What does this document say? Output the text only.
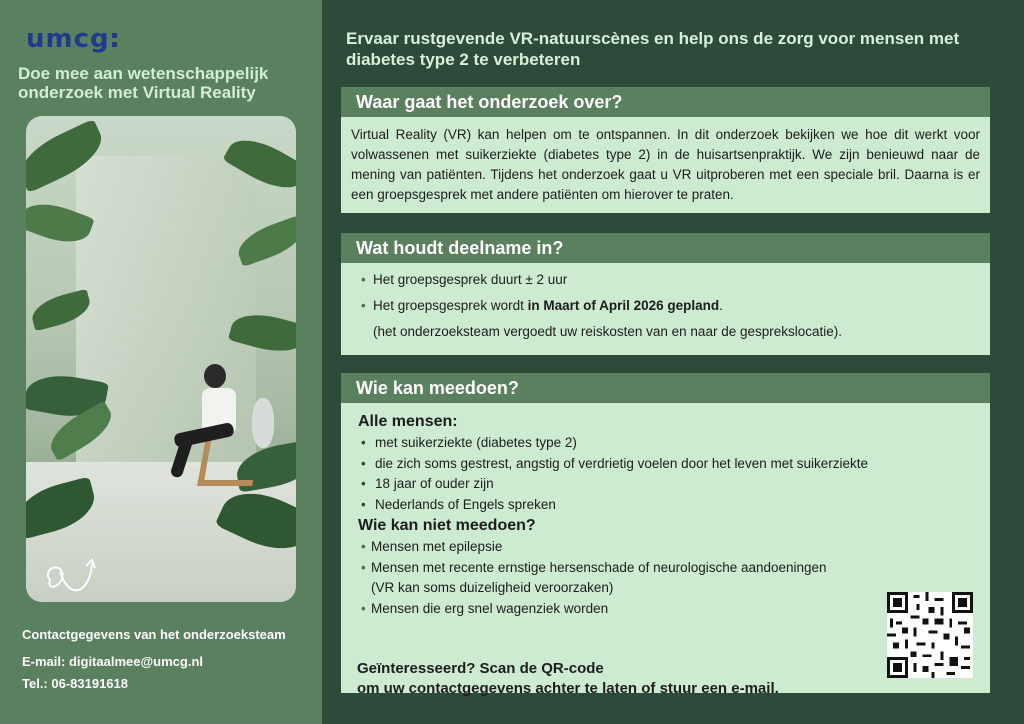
umcg
Doe mee aan wetenschappelijk onderzoek met Virtual Reality
Contactgegevens van het onderzoeksteam
E-mail: digitaalmee@umcg.nl
Tel.: 06-83191618
Ervaar rustgevende VR-natuurscènes en help ons de zorg voor mensen met diabetes type 2 te verbeteren
Waar gaat het onderzoek over?
Virtual Reality (VR) kan helpen om te ontspannen. In dit onderzoek bekijken we hoe dit werkt voor volwassenen met suikerziekte (diabetes type 2) in de huisartsenpraktijk. We zijn benieuwd naar de mening van patiënten. Tijdens het onderzoek gaat u VR uitproberen met een speciale bril. Daarna is er een groepsgesprek met andere patiënten om hierover te praten.
Wat houdt deelname in?
• Het groepsgesprek duurt ± 2 uur
• Het groepsgesprek wordt in Maart of April 2026 gepland.
(het onderzoeksteam vergoedt uw reiskosten van en naar de gesprekslocatie).
Wie kan meedoen?
Alle mensen:
• met suikerziekte (diabetes type 2)
• die zich soms gestrest, angstig of verdrietig voelen door het leven met suikerziekte
• 18 jaar of ouder zijn
• Nederlands of Engels spreken
Wie kan niet meedoen?
• Mensen met epilepsie
• Mensen met recente ernstige hersenschade of neurologische aandoeningen
(VR kan soms duizeligheid veroorzaken)
• Mensen die erg snel wagenziek worden
Geïnteresseerd? Scan de QR-code
om uw contactgegevens achter te laten of stuur een e-mail.
